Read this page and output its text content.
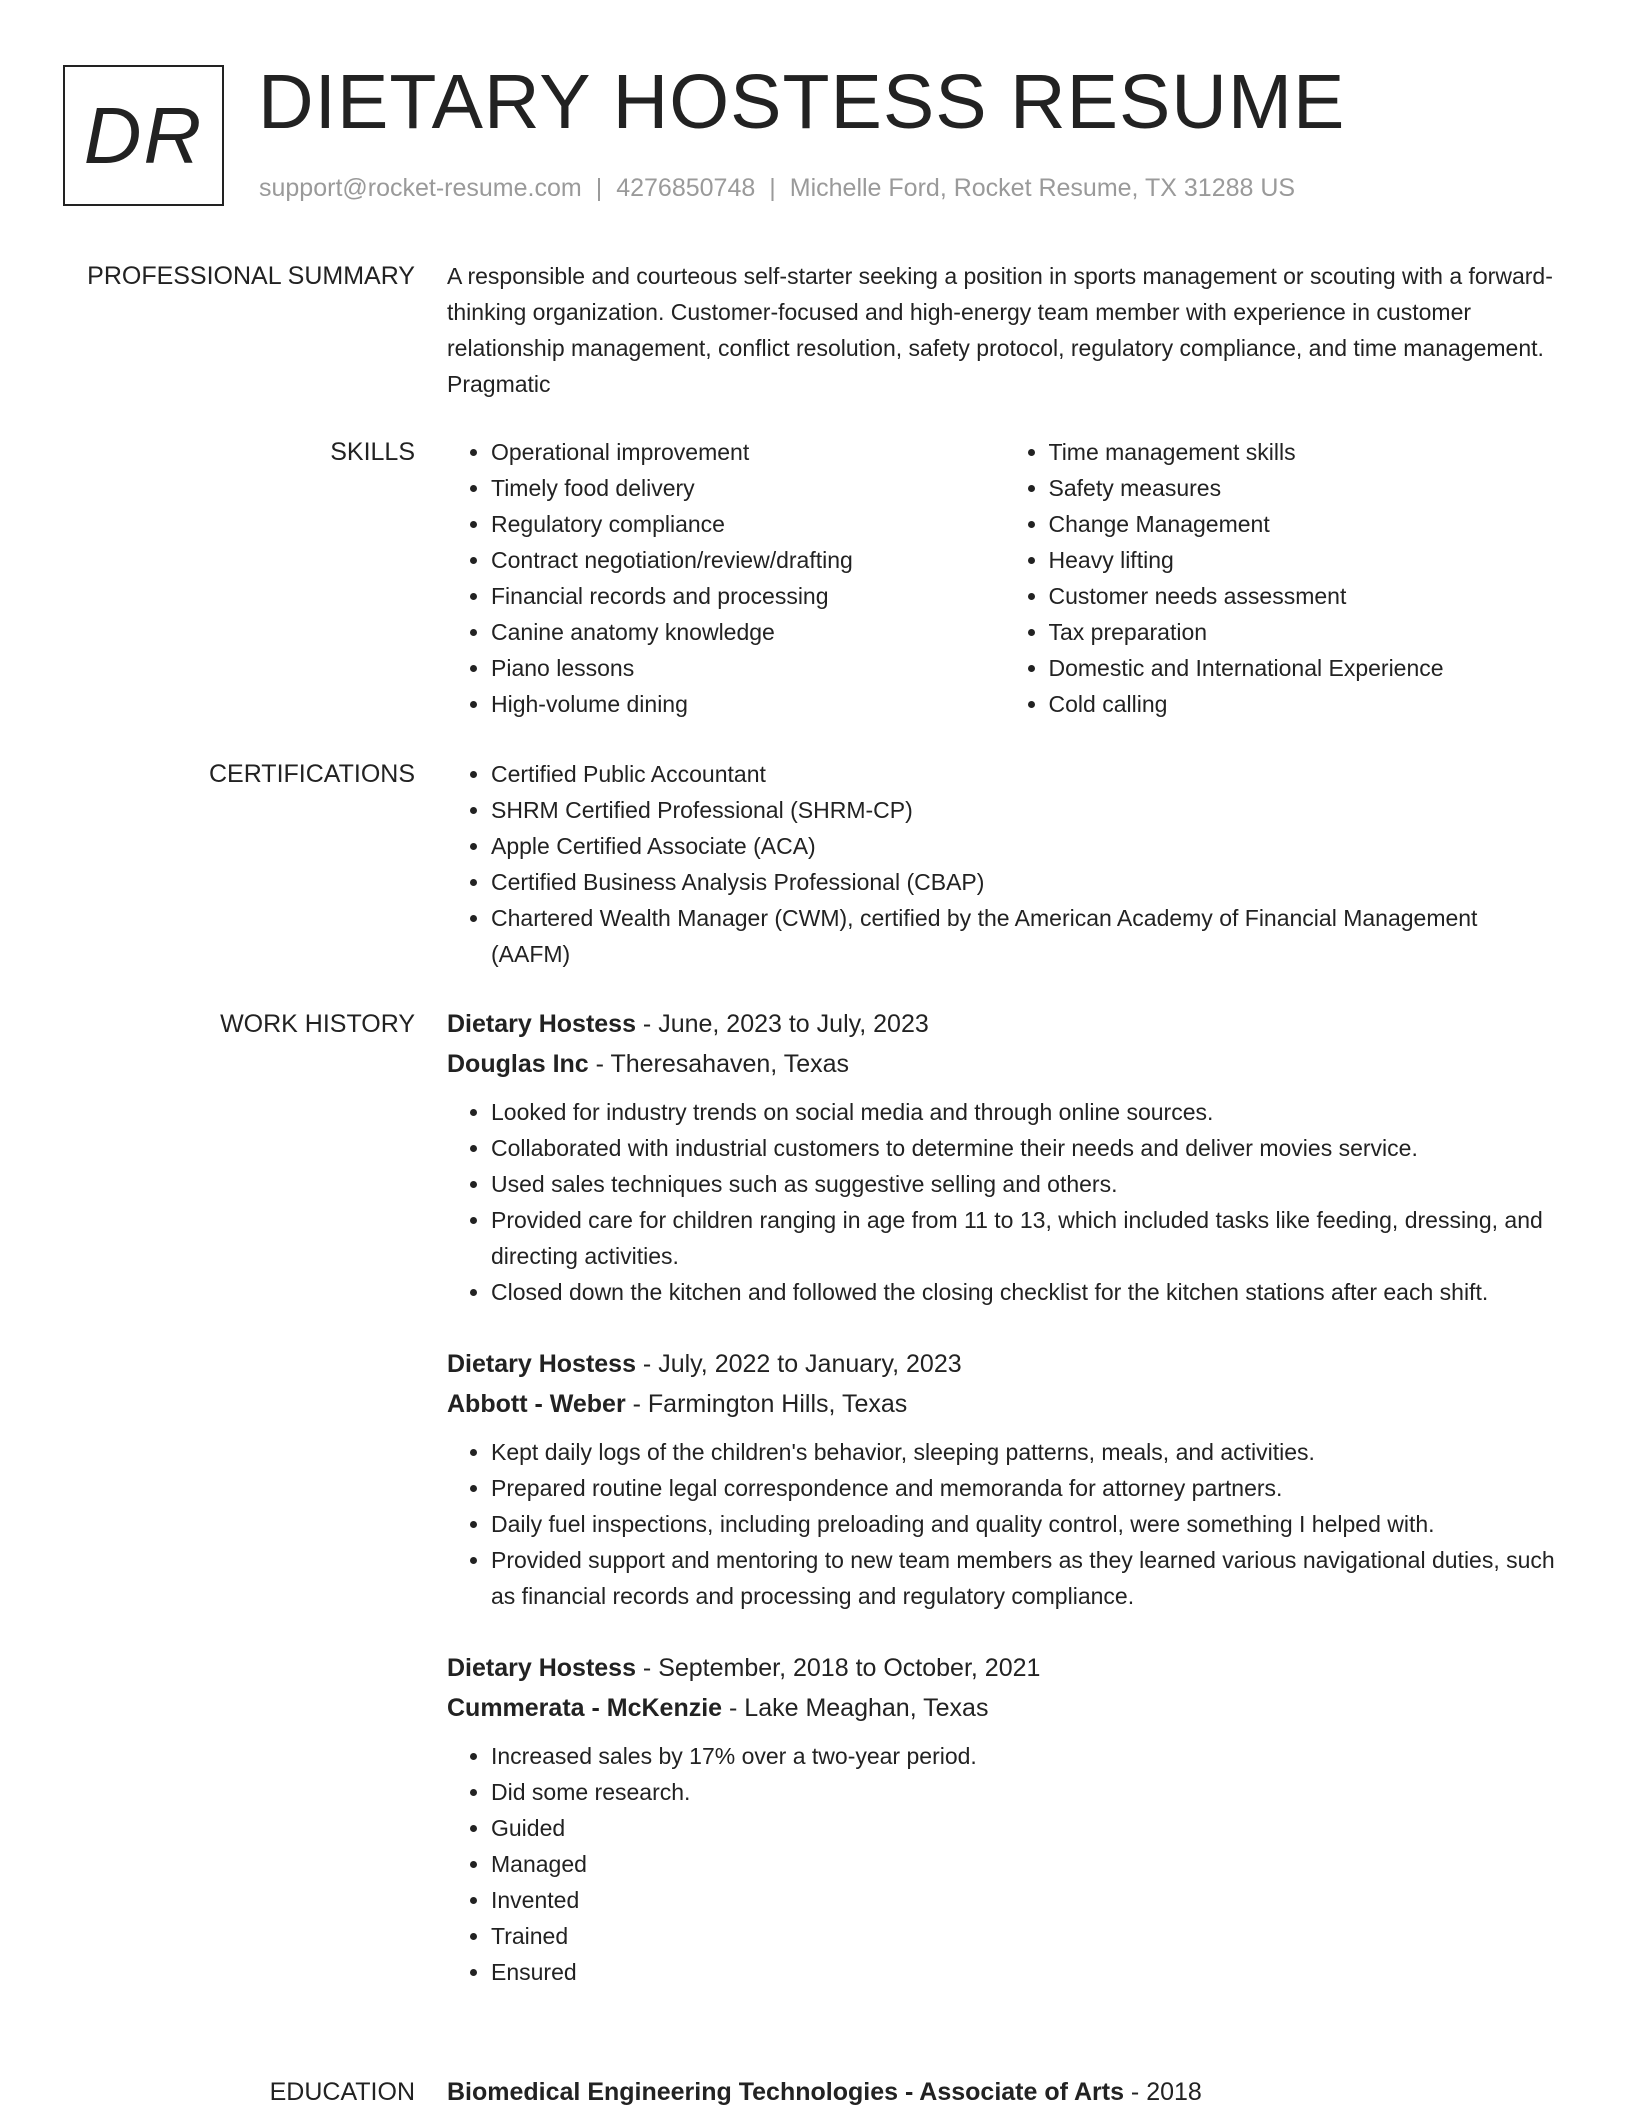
DR DIETARY HOSTESS RESUME
support@rocket-resume.com | 4276850748 | Michelle Ford, Rocket Resume, TX 31288 US
PROFESSIONAL SUMMARY A responsible and courteous self-starter seeking a position in sports management or scouting with a forward-thinking organization. Customer-focused and high-energy team member with experience in customer relationship management, conflict resolution, safety protocol, regulatory compliance, and time management. Pragmatic

SKILLS	• Operational improvement
• Timely food delivery
• Regulatory compliance
• Contract negotiation/review/drafting
• Financial records and processing
• Canine anatomy knowledge
• Piano lessons
• High-volume dining
• Time management skills
• Safety measures
• Change Management
• Heavy lifting
• Customer needs assessment
• Tax preparation
• Domestic and International Experience
• Cold calling
CERTIFICATIONS	• Certified Public Accountant
• SHRM Certified Professional (SHRM-CP)
• Apple Certified Associate (ACA)
• Certified Business Analysis Professional (CBAP)
• Chartered Wealth Manager (CWM), certified by the American Academy of Financial Management (AAFM)
WORK HISTORY Dietary Hostess - June, 2023 to July, 2023
Douglas Inc - Theresahaven, Texas
• Looked for industry trends on social media and through online sources.
• Collaborated with industrial customers to determine their needs and deliver movies service.
• Used sales techniques such as suggestive selling and others.
• Provided care for children ranging in age from 11 to 13, which included tasks like feeding, dressing, and directing activities.
• Closed down the kitchen and followed the closing checklist for the kitchen stations after each shift.
Dietary Hostess - July, 2022 to January, 2023
Abbott - Weber - Farmington Hills, Texas
• Kept daily logs of the children's behavior, sleeping patterns, meals, and activities.
• Prepared routine legal correspondence and memoranda for attorney partners.
• Daily fuel inspections, including preloading and quality control, were something I helped with.
• Provided support and mentoring to new team members as they learned various navigational duties, such as financial records and processing and regulatory compliance.
Dietary Hostess - September, 2018 to October, 2021
Cummerata - McKenzie - Lake Meaghan, Texas
• Increased sales by 17% over a two-year period.
• Did some research.
• Guided
• Managed
• Invented
• Trained
• Ensured
EDUCATION Biomedical Engineering Technologies - Associate of Arts - 2018
